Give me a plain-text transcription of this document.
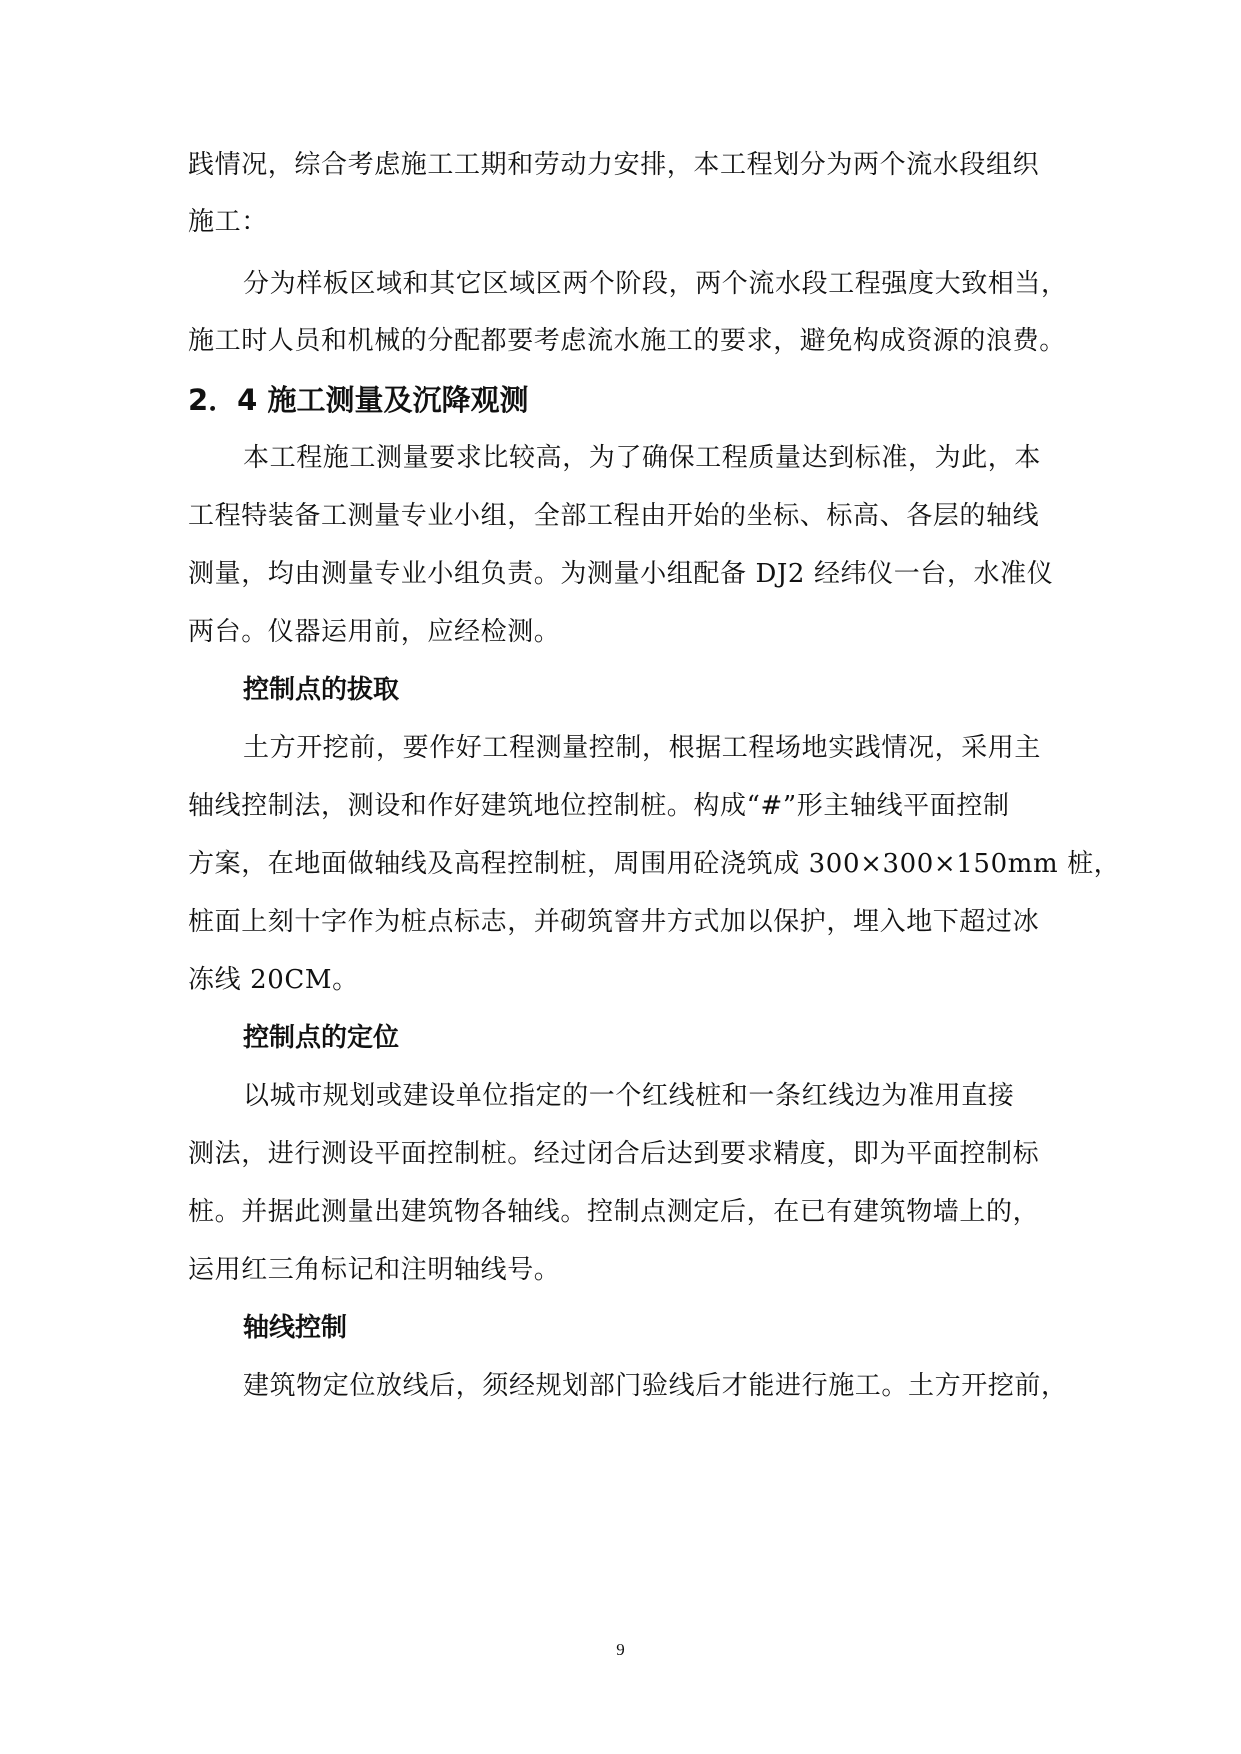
践情况，综合考虑施工工期和劳动力安排，本工程划分为两个流水段组织
施工：
分为样板区域和其它区域区两个阶段，两个流水段工程强度大致相当，
施工时人员和机械的分配都要考虑流水施工的要求，避免构成资源的浪费。
2．4 施工测量及沉降观测
本工程施工测量要求比较高，为了确保工程质量达到标准，为此，本
工程特装备工测量专业小组，全部工程由开始的坐标、标高、各层的轴线
测量，均由测量专业小组负责。为测量小组配备 DJ2 经纬仪一台，水准仪
两台。仪器运用前，应经检测。
控制点的拔取
土方开挖前，要作好工程测量控制，根据工程场地实践情况，采用主
轴线控制法，测设和作好建筑地位控制桩。构成“#”形主轴线平面控制
方案，在地面做轴线及高程控制桩，周围用砼浇筑成 300×300×150mm 桩，
桩面上刻十字作为桩点标志，并砌筑窨井方式加以保护，埋入地下超过冰
冻线 20CM。
控制点的定位
以城市规划或建设单位指定的一个红线桩和一条红线边为准用直接
测法，进行测设平面控制桩。经过闭合后达到要求精度，即为平面控制标
桩。并据此测量出建筑物各轴线。控制点测定后，在已有建筑物墙上的，
运用红三角标记和注明轴线号。
轴线控制
建筑物定位放线后，须经规划部门验线后才能进行施工。土方开挖前，
9
